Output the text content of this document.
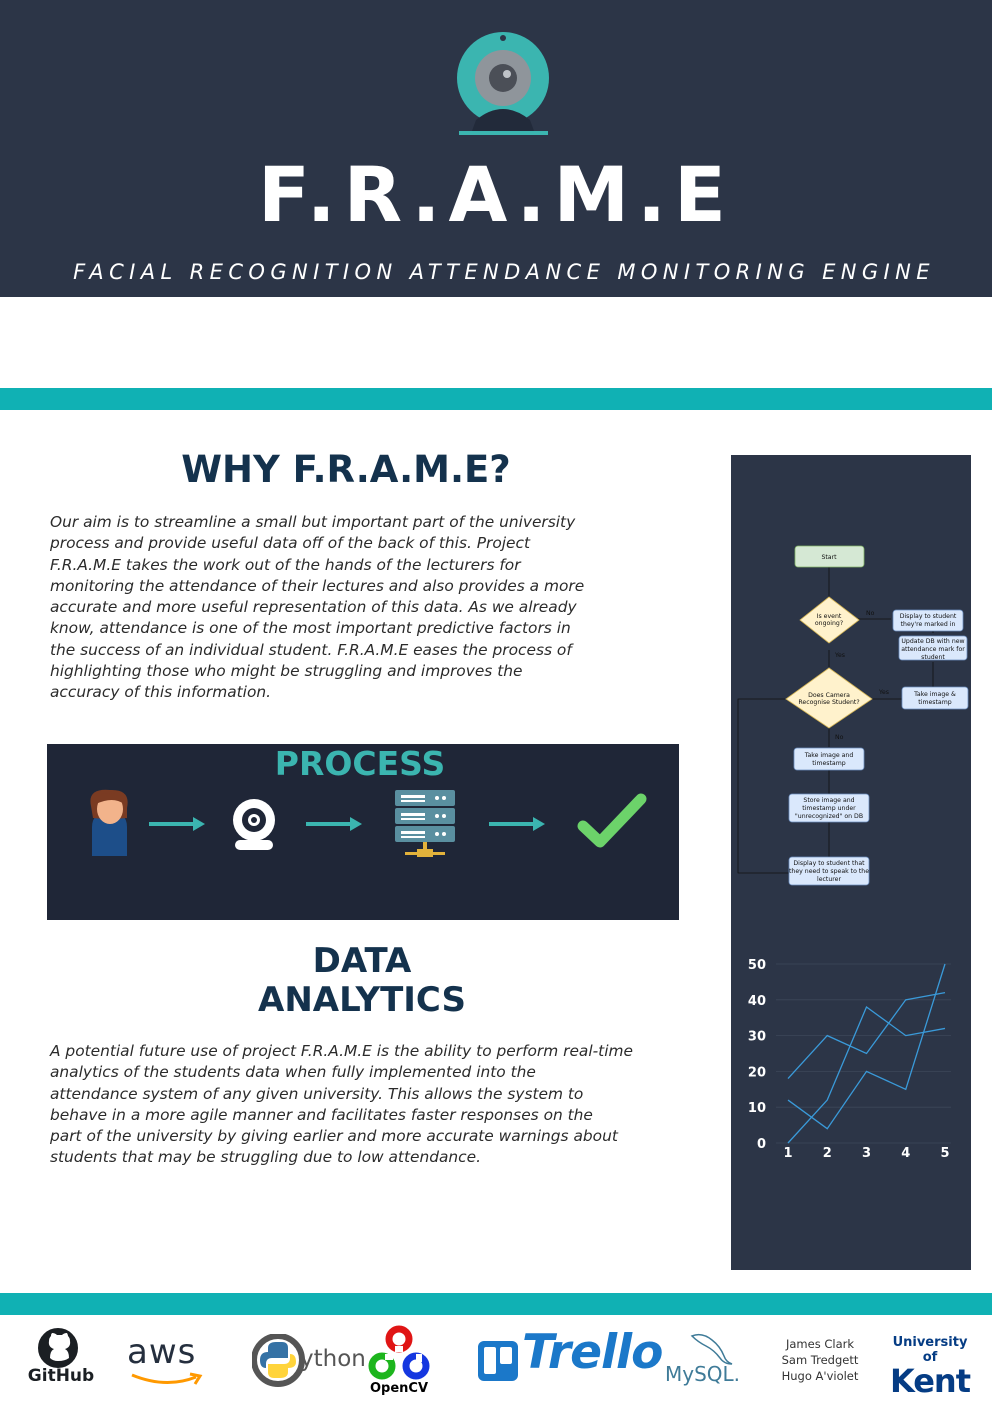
F.R.A.M.E
FACIAL RECOGNITION ATTENDANCE MONITORING ENGINE
WHY F.R.A.M.E?
Our aim is to streamline a small but important part of the university
process and provide useful data off of the back of this. Project
F.R.A.M.E takes the work out of the hands of the lecturers for
monitoring the attendance of their lectures and also provides a more
accurate and more useful representation of this data. As we already
know, attendance is one of the most important predictive factors in
the success of an individual student. F.R.A.M.E eases the process of
highlighting those who might be struggling and improves the
accuracy of this information.
PROCESS
DATA
ANALYTICS
A potential future use of project F.R.A.M.E is the ability to perform real-time
analytics of the students data when fully implemented into the
attendance system of any given university. This allows the system to
behave in a more agile manner and facilitates faster responses on the
part of the university by giving earlier and more accurate warnings about
students that may be struggling due to low attendance.
Start
Is event ongoing?
No	Display to student they're marked in
Update DB with new attendance mark for student
Yes
Does Camera Recognise Student?
Yes	Take image & timestamp
No
Take image and timestamp
Store image and timestamp under "unrecognized" on DB
Display to student that they need to speak to the lecturer
0
10
20
30
40
50
1 2 3 4 5
GitHub
aws	ython
OpenCV
Trello MySQL.
James Clark
Sam Tredgett
Hugo A'violet
University of
Kent
